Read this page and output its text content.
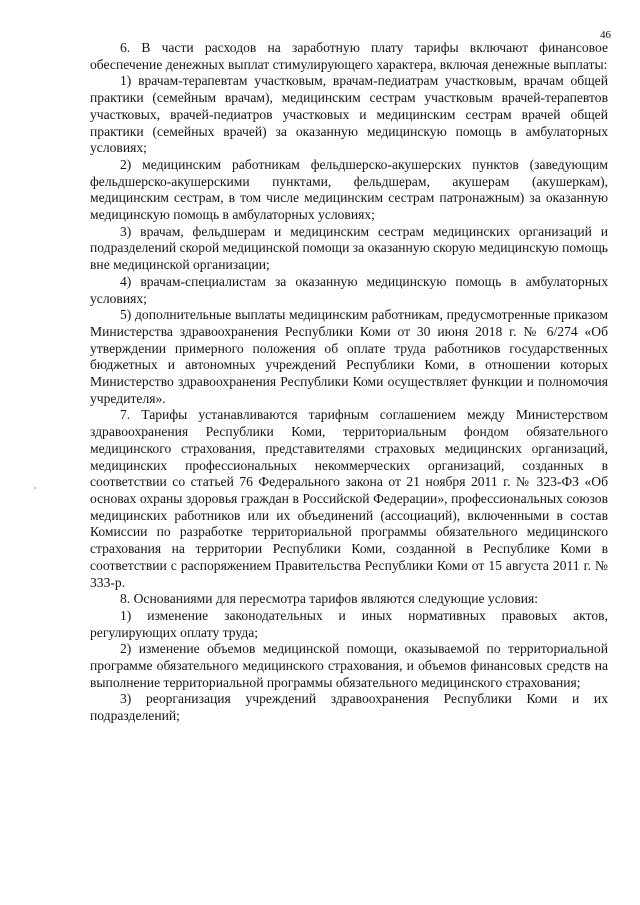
46

6. В части расходов на заработную плату тарифы включают финансовое обеспечение денежных выплат стимулирующего характера, включая денежные выплаты:

1) врачам-терапевтам участковым, врачам-педиатрам участковым, врачам общей практики (семейным врачам), медицинским сестрам участковым врачей-терапевтов участковых, врачей-педиатров участковых и медицинским сестрам врачей общей практики (семейных врачей) за оказанную медицинскую помощь в амбулаторных условиях;

2) медицинским работникам фельдшерско-акушерских пунктов (заведующим фельдшерско-акушерскими пунктами, фельдшерам, акушерам (акушеркам), медицинским сестрам, в том числе медицинским сестрам патронажным) за оказанную медицинскую помощь в амбулаторных условиях;

3) врачам, фельдшерам и медицинским сестрам медицинских организаций и подразделений скорой медицинской помощи за оказанную скорую медицинскую помощь вне медицинской организации;

4) врачам-специалистам за оказанную медицинскую помощь в амбулаторных условиях;

5) дополнительные выплаты медицинским работникам, предусмотренные приказом Министерства здравоохранения Республики Коми от 30 июня 2018 г. № 6/274 «Об утверждении примерного положения об оплате труда работников государственных бюджетных и автономных учреждений Республики Коми, в отношении которых Министерство здравоохранения Республики Коми осуществляет функции и полномочия учредителя».

7. Тарифы устанавливаются тарифным соглашением между Министерством здравоохранения Республики Коми, территориальным фондом обязательного медицинского страхования, представителями страховых медицинских организаций, медицинских профессиональных некоммерческих организаций, созданных в соответствии со статьей 76 Федерального закона от 21 ноября 2011 г. № 323-ФЗ «Об основах охраны здоровья граждан в Российской Федерации», профессиональных союзов медицинских работников или их объединений (ассоциаций), включенными в состав Комиссии по разработке территориальной программы обязательного медицинского страхования на территории Республики Коми, созданной в Республике Коми в соответствии с распоряжением Правительства Республики Коми от 15 августа 2011 г. № 333-р.

8. Основаниями для пересмотра тарифов являются следующие условия:

1) изменение законодательных и иных нормативных правовых актов, регулирующих оплату труда;

2) изменение объемов медицинской помощи, оказываемой по территориальной программе обязательного медицинского страхования, и объемов финансовых средств на выполнение территориальной программы обязательного медицинского страхования;

3) реорганизация учреждений здравоохранения Республики Коми и их подразделений;
